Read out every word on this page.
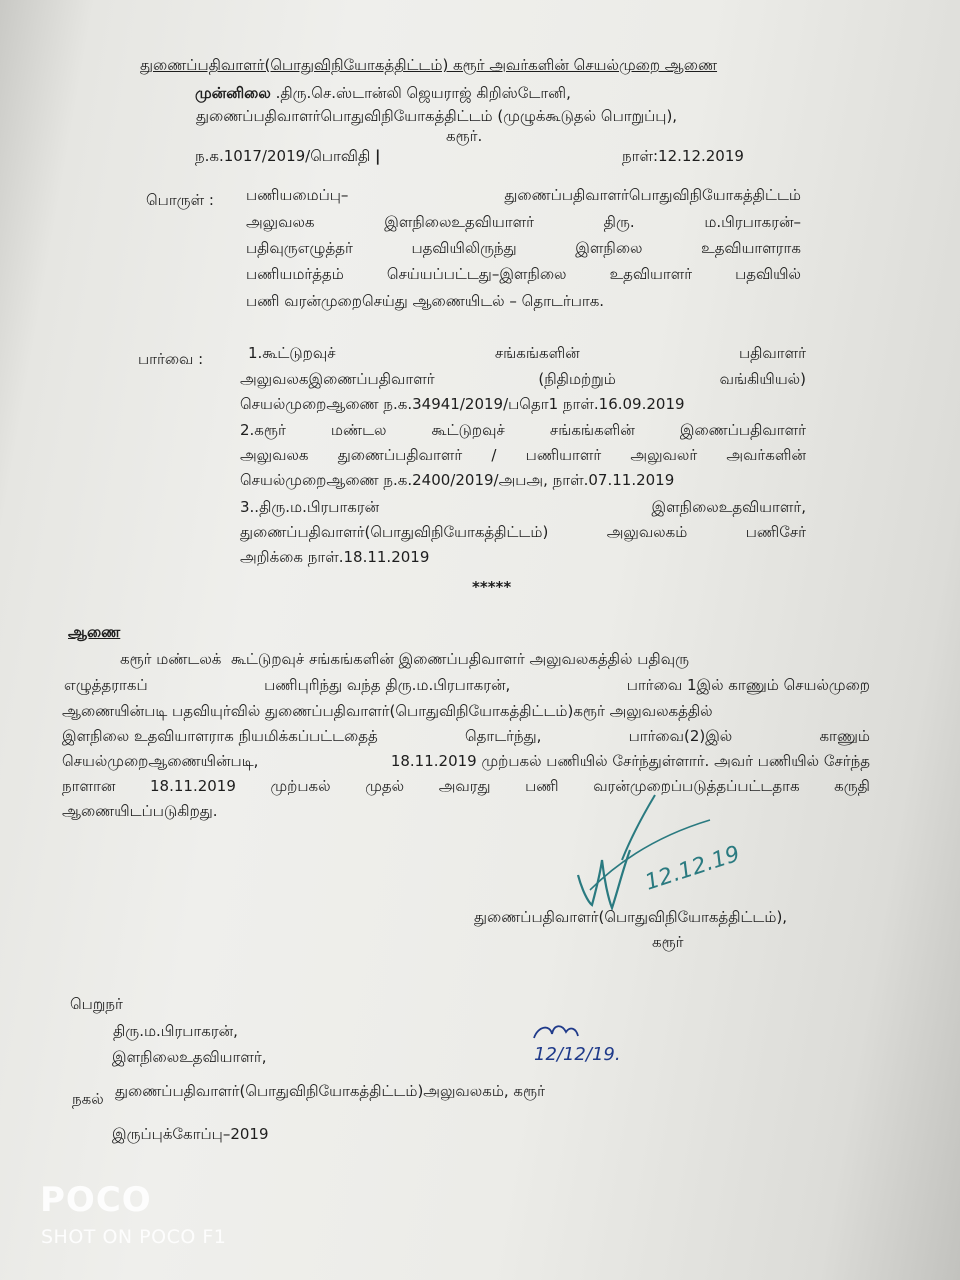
துணைப்பதிவாளர்(பொதுவிநியோகத்திட்டம்) கரூர் அவர்களின் செயல்முறை ஆணை
முன்னிலை .திரு.செ.ஸ்டான்லி ஜெயராஜ் கிறிஸ்டோனி,
துணைப்பதிவாளர்பொதுவிநியோகத்திட்டம் (முழுக்கூடுதல் பொறுப்பு),
கரூர்.
ந.க.1017/2019/பொவிதி |	நாள்:12.12.2019
பொருள் : பணியமைப்பு–	துணைப்பதிவாளர்பொதுவிநியோகத்திட்டம்
அலுவலக	இளநிலைஉதவியாளர்	திரு.	ம.பிரபாகரன்–
பதிவுருஎழுத்தர்	பதவியிலிருந்து	இளநிலை	உதவியாளராக
பணியமர்த்தம்	செய்யப்பட்டது–இளநிலை	உதவியாளர்	பதவியில்
பணி வரன்முறைசெய்து ஆணையிடல் – தொடர்பாக.
பார்வை :	1.கூட்டுறவுச்	சங்கங்களின்	பதிவாளர்
அலுவலகஇணைப்பதிவாளர்	(நிதிமற்றும்	வங்கியியல்)
செயல்முறைஆணை ந.க.34941/2019/பதொ1 நாள்.16.09.2019
2.கரூர்	மண்டல	கூட்டுறவுச்	சங்கங்களின்	இணைப்பதிவாளர்
அலுவலக துணைப்பதிவாளர் / பணியாளர் அலுவலர் அவர்களின்
செயல்முறைஆணை ந.க.2400/2019/அபஅ, நாள்.07.11.2019
3..திரு.ம.பிரபாகரன்	இளநிலைஉதவியாளர்,
துணைப்பதிவாளர்(பொதுவிநியோகத்திட்டம்)	அலுவலகம்	பணிசேர்
அறிக்கை நாள்.18.11.2019
*****
ஆணை
கரூர் மண்டலக் கூட்டுறவுச் சங்கங்களின் இணைப்பதிவாளர் அலுவலகத்தில் பதிவுரு
எழுத்தராகப்	பணிபுரிந்து வந்த திரு.ம.பிரபாகரன்,	பார்வை 1இல் காணும் செயல்முறை
ஆணையின்படி பதவியுர்வில் துணைப்பதிவாளர்(பொதுவிநியோகத்திட்டம்)கரூர் அலுவலகத்தில்
இளநிலை உதவியாளராக நியமிக்கப்பட்டதைத்	தொடர்ந்து,	பார்வை(2)இல்	காணும்
செயல்முறைஆணையின்படி,	18.11.2019 முற்பகல் பணியில் சேர்ந்துள்ளார். அவர் பணியில் சேர்ந்த
நாளான 18.11.2019 முற்பகல் முதல் அவரது பணி வரன்முறைப்படுத்தப்பட்டதாக கருதி
ஆணையிடப்படுகிறது.
12.12.19
துணைப்பதிவாளர்(பொதுவிநியோகத்திட்டம்),
கரூர்
பெறுநர்
திரு.ம.பிரபாகரன்,
இளநிலைஉதவியாளர்,
துணைப்பதிவாளர்(பொதுவிநியோகத்திட்டம்)அலுவலகம், கரூர்
12/12/19.
நகல்
இருப்புக்கோப்பு–2019
POCO
SHOT ON POCO F1
